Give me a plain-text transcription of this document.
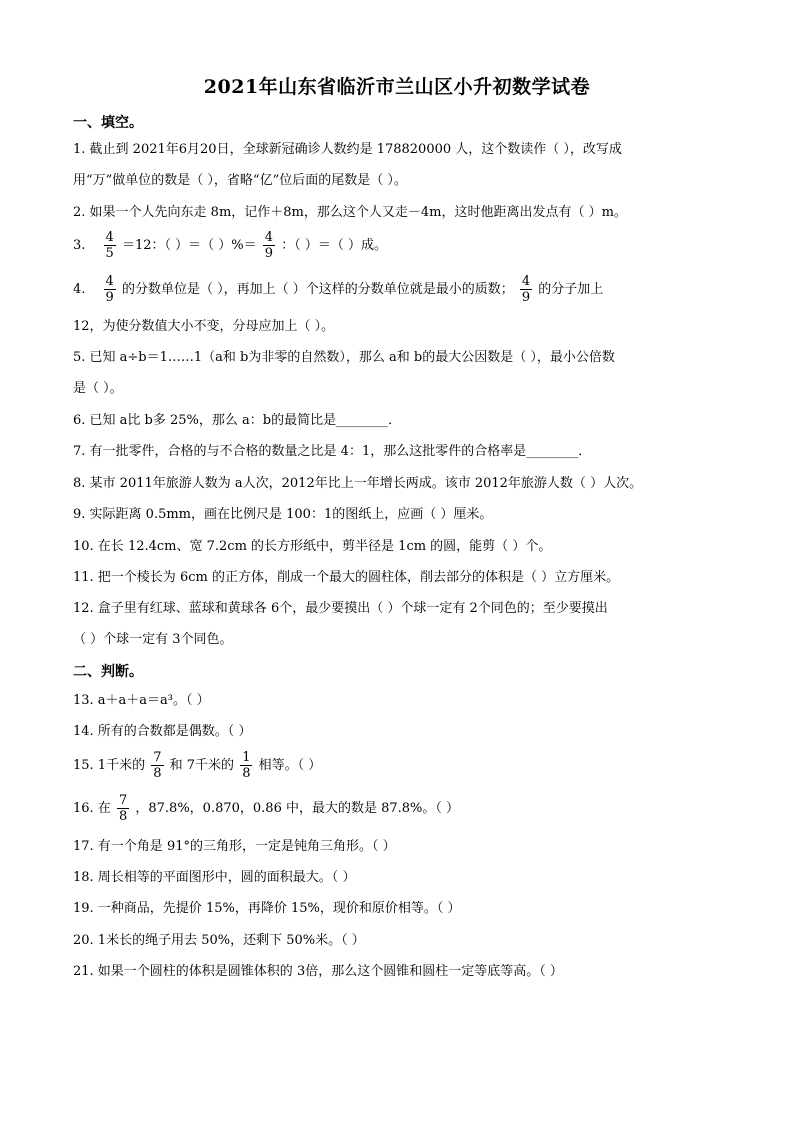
2021年山东省临沂市兰山区小升初数学试卷
一、填空。
1. 截止到 2021年6月20日，全球新冠确诊人数约是 178820000 人，这个数读作（ ），改写成
用“万”做单位的数是（ ），省略“亿”位后面的尾数是（ ）。
2. 如果一个人先向东走 8m，记作＋8m，那么这个人又走－4m，这时他距离出发点有（ ）m。
3. $\frac{4}{5} =12$：（ ）＝（ ）%＝ $\frac{4}{9}$ ：（ ）＝（ ）成。
4. $\frac{4}{9}$ 的分数单位是（ ），再加上（ ）个这样的分数单位就是最小的质数； $\frac{4}{9}$ 的分子加上
12，为使分数值大小不变，分母应加上（ ）。
5. 已知 a÷b＝1……1（a和 b为非零的自然数），那么 a和 b的最大公因数是（ ），最小公倍数
是（ ）。
6. 已知 a比 b多 25%，那么 a：b的最简比是________．
7. 有一批零件，合格的与不合格的数量之比是 4：1，那么这批零件的合格率是________．
8. 某市 2011年旅游人数为 a人次，2012年比上一年增长两成。该市 2012年旅游人数（ ）人次。
9. 实际距离 0.5mm，画在比例尺是 100：1的图纸上，应画（ ）厘米。
10. 在长 12.4cm、宽 7.2cm 的长方形纸中，剪半径是 1cm 的圆，能剪（ ）个。
11. 把一个棱长为 6cm 的正方体，削成一个最大的圆柱体，削去部分的体积是（ ）立方厘米。
12. 盒子里有红球、蓝球和黄球各 6个，最少要摸出（ ）个球一定有 2个同色的；至少要摸出
（ ）个球一定有 3个同色。
二、判断。
13. a＋a＋a＝a³。（ ）
14. 所有的合数都是偶数。（ ）
15. 1千米的 $\frac{7}{8}$ 和 7千米的 $\frac{1}{8}$ 相等。（ ）
16. 在 $\frac{7}{8}$ ，87.8%，0.870，0.86 中，最大的数是 87.8%。（ ）
17. 有一个角是 91°的三角形，一定是钝角三角形。（ ）
18. 周长相等的平面图形中，圆的面积最大。（ ）
19. 一种商品，先提价 15%，再降价 15%，现价和原价相等。（ ）
20. 1米长的绳子用去 50%，还剩下 50%米。（ ）
21. 如果一个圆柱的体积是圆锥体积的 3倍，那么这个圆锥和圆柱一定等底等高。（ ）
